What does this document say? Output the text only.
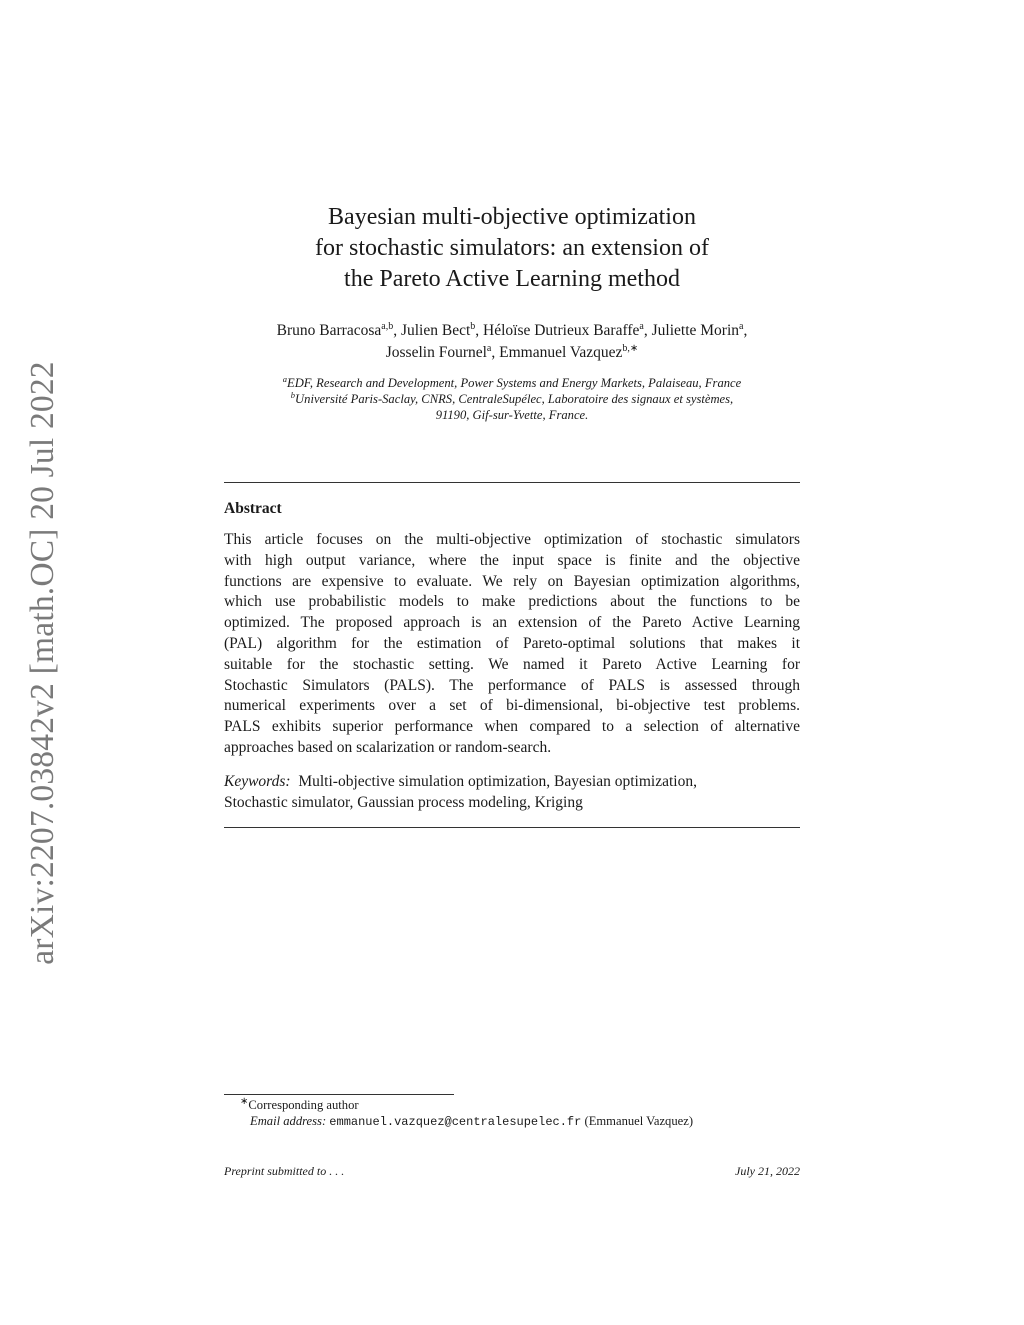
arXiv:2207.03842v2 [math.OC] 20 Jul 2022
Bayesian multi-objective optimization
for stochastic simulators: an extension of
the Pareto Active Learning method
Bruno Barracosa$^{a,b}$, Julien Bect$^b$, Héloïse Dutrieux Baraffe$^a$, Juliette Morin$^a$,
Josselin Fournel$^a$, Emmanuel Vazquez$^{b,∗}$
$^a$EDF, Research and Development, Power Systems and Energy Markets, Palaiseau, France
$^b$Université Paris-Saclay, CNRS, CentraleSupélec, Laboratoire des signaux et systèmes,
91190, Gif-sur-Yvette, France.
Abstract
This article focuses on the multi-objective optimization of stochastic simulators
with high output variance, where the input space is finite and the objective
functions are expensive to evaluate. We rely on Bayesian optimization algorithms,
which use probabilistic models to make predictions about the functions to be
optimized. The proposed approach is an extension of the Pareto Active Learning
(PAL) algorithm for the estimation of Pareto-optimal solutions that makes it
suitable for the stochastic setting. We named it Pareto Active Learning for
Stochastic Simulators (PALS). The performance of PALS is assessed through
numerical experiments over a set of bi-dimensional, bi-objective test problems.
PALS exhibits superior performance when compared to a selection of alternative
approaches based on scalarization or random-search.
Keywords: Multi-objective simulation optimization, Bayesian optimization,
Stochastic simulator, Gaussian process modeling, Kriging
∗Corresponding author
Email address: emmanuel.vazquez@centralesupelec.fr (Emmanuel Vazquez)
Preprint submitted to . . .	July 21, 2022
